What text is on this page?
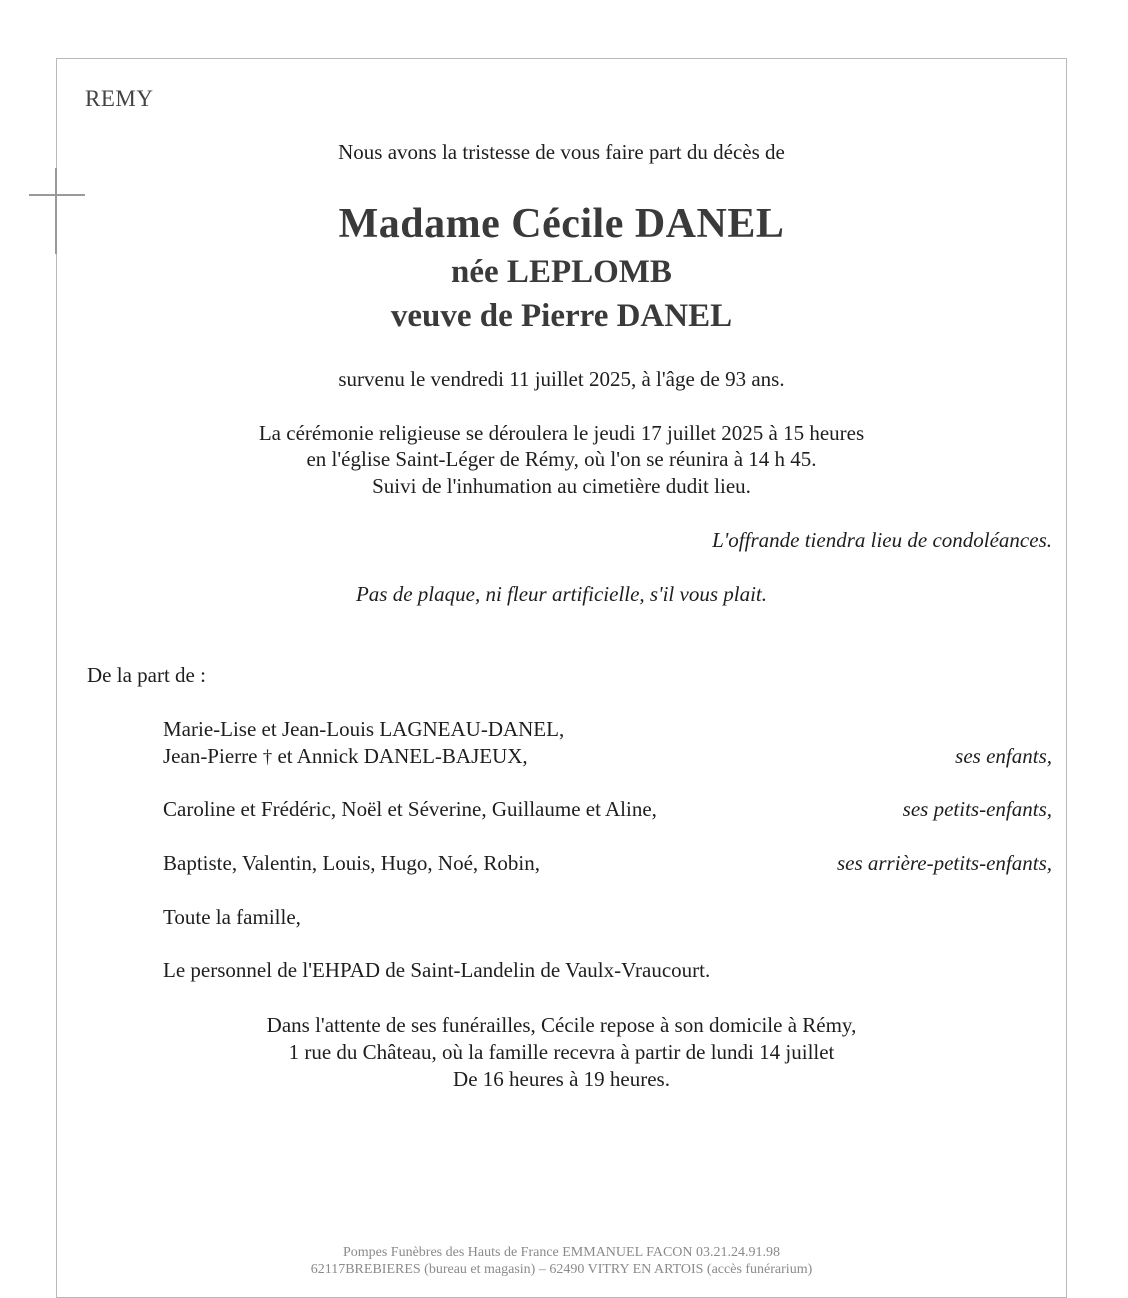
REMY
Nous avons la tristesse de vous faire part du décès de
Madame Cécile DANEL
née LEPLOMB
veuve de Pierre DANEL
survenu le vendredi 11 juillet 2025, à l'âge de 93 ans.
La cérémonie religieuse se déroulera le jeudi 17 juillet 2025 à 15 heures
en l'église Saint-Léger de Rémy, où l'on se réunira à 14 h 45.
Suivi de l'inhumation au cimetière dudit lieu.
L'offrande tiendra lieu de condoléances.
Pas de plaque, ni fleur artificielle, s'il vous plait.
De la part de :
Marie-Lise et Jean-Louis LAGNEAU-DANEL,
Jean-Pierre † et Annick DANEL-BAJEUX,	ses enfants,
Caroline et Frédéric, Noël et Séverine, Guillaume et Aline,	ses petits-enfants,
Baptiste, Valentin, Louis, Hugo, Noé, Robin,	ses arrière-petits-enfants,
Toute la famille,
Le personnel de l'EHPAD de Saint-Landelin de Vaulx-Vraucourt.
Dans l'attente de ses funérailles, Cécile repose à son domicile à Rémy,
1 rue du Château, où la famille recevra à partir de lundi 14 juillet
De 16 heures à 19 heures.
Pompes Funèbres des Hauts de France EMMANUEL FACON 03.21.24.91.98
62117BREBIERES (bureau et magasin) – 62490 VITRY EN ARTOIS (accès funérarium)
